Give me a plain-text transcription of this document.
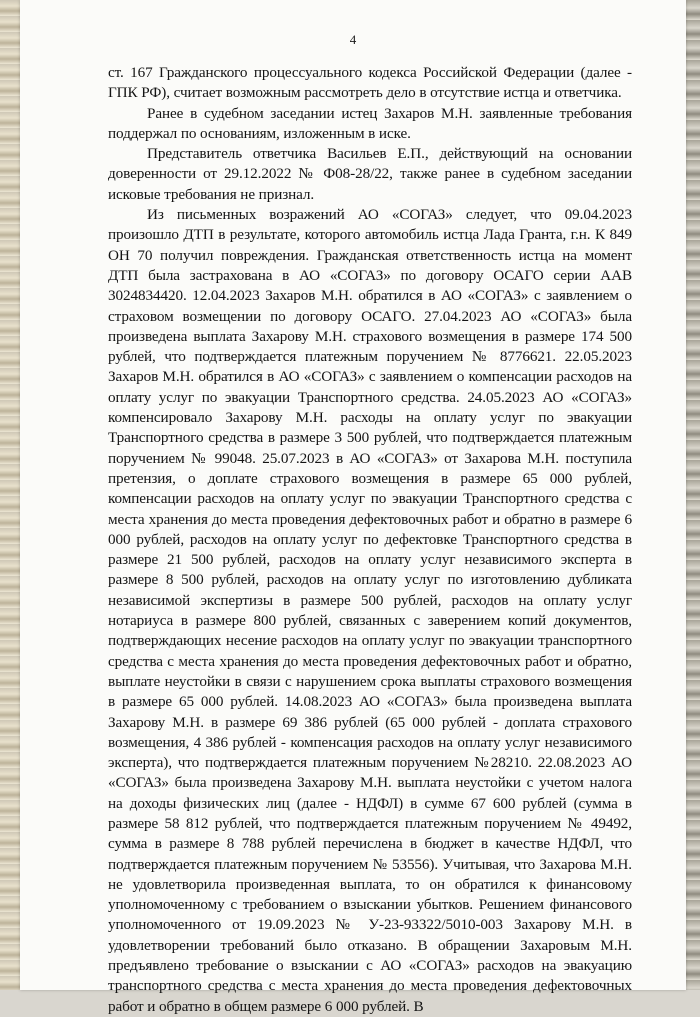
4

ст. 167 Гражданского процессуального кодекса Российской Федерации (далее - ГПК РФ), считает возможным рассмотреть дело в отсутствие истца и ответчика.

Ранее в судебном заседании истец Захаров М.Н. заявленные требования поддержал по основаниям, изложенным в иске.

Представитель ответчика Васильев Е.П., действующий на основании доверенности от 29.12.2022 № Ф08-28/22, также ранее в судебном заседании исковые требования не признал.

Из письменных возражений АО «СОГАЗ» следует, что 09.04.2023 произошло ДТП в результате, которого автомобиль истца Лада Гранта, г.н. К 849 ОН 70 получил повреждения. Гражданская ответственность истца на момент ДТП была застрахована в АО «СОГАЗ» по договору ОСАГО серии ААВ 3024834420. 12.04.2023 Захаров М.Н. обратился в АО «СОГАЗ» с заявлением о страховом возмещении по договору ОСАГО. 27.04.2023 АО «СОГАЗ» была произведена выплата Захарову М.Н. страхового возмещения в размере 174 500 рублей, что подтверждается платежным поручением № 8776621. 22.05.2023 Захаров М.Н. обратился в АО «СОГАЗ» с заявлением о компенсации расходов на оплату услуг по эвакуации Транспортного средства. 24.05.2023 АО «СОГАЗ» компенсировало Захарову М.Н. расходы на оплату услуг по эвакуации Транспортного средства в размере 3 500 рублей, что подтверждается платежным поручением № 99048. 25.07.2023 в АО «СОГАЗ» от Захарова М.Н. поступила претензия, о доплате страхового возмещения в размере 65 000 рублей, компенсации расходов на оплату услуг по эвакуации Транспортного средства с места хранения до места проведения дефектовочных работ и обратно в размере 6 000 рублей, расходов на оплату услуг по дефектовке Транспортного средства в размере 21 500 рублей, расходов на оплату услуг независимого эксперта в размере 8 500 рублей, расходов на оплату услуг по изготовлению дубликата независимой экспертизы в размере 500 рублей, расходов на оплату услуг нотариуса в размере 800 рублей, связанных с заверением копий документов, подтверждающих несение расходов на оплату услуг по эвакуации транспортного средства с места хранения до места проведения дефектовочных работ и обратно, выплате неустойки в связи с нарушением срока выплаты страхового возмещения в размере 65 000 рублей. 14.08.2023 АО «СОГАЗ» была произведена выплата Захарову М.Н. в размере 69 386 рублей (65 000 рублей - доплата страхового возмещения, 4 386 рублей - компенсация расходов на оплату услуг независимого эксперта), что подтверждается платежным поручением №28210. 22.08.2023 АО «СОГАЗ» была произведена Захарову М.Н. выплата неустойки с учетом налога на доходы физических лиц (далее - НДФЛ) в сумме 67 600 рублей (сумма в размере 58 812 рублей, что подтверждается платежным поручением № 49492, сумма в размере 8 788 рублей перечислена в бюджет в качестве НДФЛ, что подтверждается платежным поручением № 53556). Учитывая, что Захарова М.Н. не удовлетворила произведенная выплата, то он обратился к финансовому уполномоченному с требованием о взыскании убытков. Решением финансового уполномоченного от 19.09.2023 № У-23-93322/5010-003 Захарову М.Н. в удовлетворении требований было отказано. В обращении Захаровым М.Н. предъявлено требование о взыскании с АО «СОГАЗ» расходов на эвакуацию транспортного средства с места хранения до места проведения дефектовочных работ и обратно в общем размере 6 000 рублей. В
